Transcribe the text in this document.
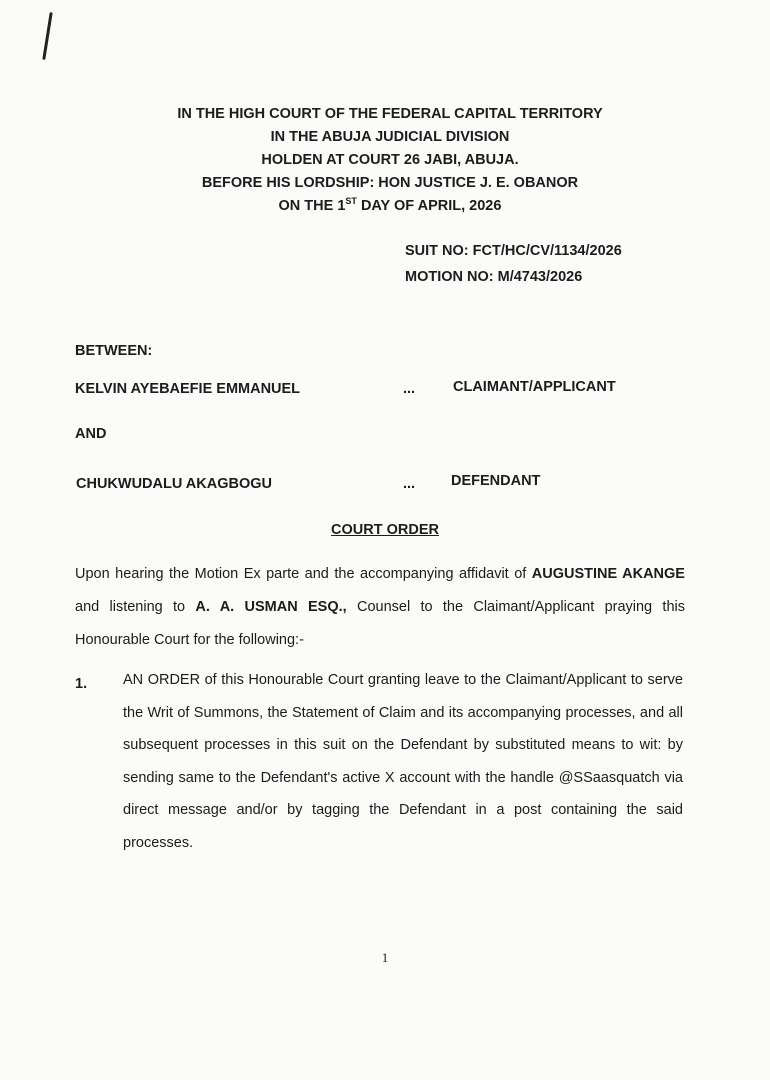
IN THE HIGH COURT OF THE FEDERAL CAPITAL TERRITORY
IN THE ABUJA JUDICIAL DIVISION
HOLDEN AT COURT 26 JABI, ABUJA.
BEFORE HIS LORDSHIP: HON JUSTICE J. E. OBANOR
ON THE 1ST DAY OF APRIL, 2026
SUIT NO: FCT/HC/CV/1134/2026
MOTION NO: M/4743/2026
BETWEEN:
KELVIN AYEBAEFIE EMMANUEL	...	CLAIMANT/APPLICANT
AND
CHUKWUDALU AKAGBOGU	... DEFENDANT
COURT ORDER
Upon hearing the Motion Ex parte and the accompanying affidavit of AUGUSTINE AKANGE and listening to A. A. USMAN ESQ., Counsel to the Claimant/Applicant praying this Honourable Court for the following:-
1. AN ORDER of this Honourable Court granting leave to the Claimant/Applicant to serve the Writ of Summons, the Statement of Claim and its accompanying processes, and all subsequent processes in this suit on the Defendant by substituted means to wit: by sending same to the Defendant's active X account with the handle @SSaasquatch via direct message and/or by tagging the Defendant in a post containing the said processes.
1
